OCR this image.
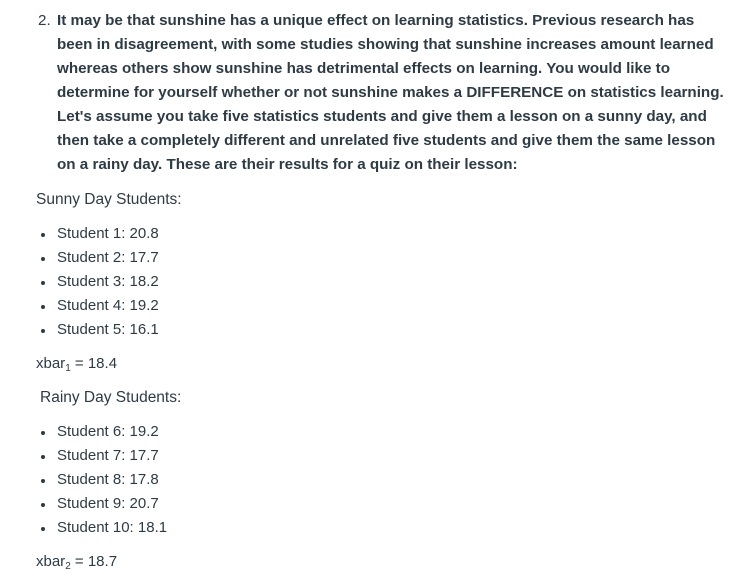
2. It may be that sunshine has a unique effect on learning statistics. Previous research has been in disagreement, with some studies showing that sunshine increases amount learned whereas others show sunshine has detrimental effects on learning. You would like to determine for yourself whether or not sunshine makes a DIFFERENCE on statistics learning. Let's assume you take five statistics students and give them a lesson on a sunny day, and then take a completely different and unrelated five students and give them the same lesson on a rainy day. These are their results for a quiz on their lesson:
Sunny Day Students:
Student 1: 20.8
Student 2: 17.7
Student 3: 18.2
Student 4: 19.2
Student 5: 16.1
xbar$_1$ = 18.4
Rainy Day Students:
Student 6: 19.2
Student 7: 17.7
Student 8: 17.8
Student 9: 20.7
Student 10: 18.1
xbar$_2$ = 18.7
